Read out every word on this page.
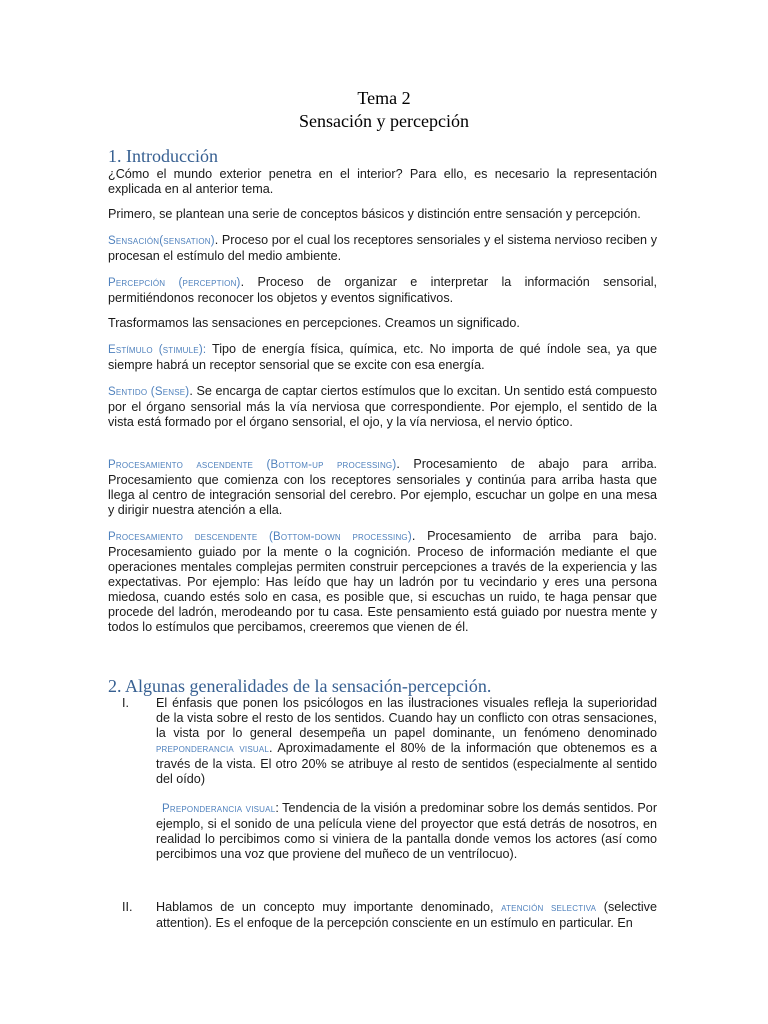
Tema 2
Sensación y percepción
1. Introducción
¿Cómo el mundo exterior penetra en el interior? Para ello, es necesario la representación explicada en al anterior tema.
Primero, se plantean una serie de conceptos básicos y distinción entre sensación y percepción.
Sensación(sensation). Proceso por el cual los receptores sensoriales y el sistema nervioso reciben y procesan el estímulo del medio ambiente.
Percepción (perception). Proceso de organizar e interpretar la información sensorial, permitiéndonos reconocer los objetos y eventos significativos.
Trasformamos las sensaciones en percepciones. Creamos un significado.
Estímulo (stimule): Tipo de energía física, química, etc. No importa de qué índole sea, ya que siempre habrá un receptor sensorial que se excite con esa energía.
Sentido (Sense). Se encarga de captar ciertos estímulos que lo excitan. Un sentido está compuesto por el órgano sensorial más la vía nerviosa que correspondiente. Por ejemplo, el sentido de la vista está formado por el órgano sensorial, el ojo, y la vía nerviosa, el nervio óptico.
Procesamiento ascendente (Bottom-up processing). Procesamiento de abajo para arriba. Procesamiento que comienza con los receptores sensoriales y continúa para arriba hasta que llega al centro de integración sensorial del cerebro. Por ejemplo, escuchar un golpe en una mesa y dirigir nuestra atención a ella.
Procesamiento descendente (Bottom-down processing). Procesamiento de arriba para bajo. Procesamiento guiado por la mente o la cognición. Proceso de información mediante el que operaciones mentales complejas permiten construir percepciones a través de la experiencia y las expectativas. Por ejemplo: Has leído que hay un ladrón por tu vecindario y eres una persona miedosa, cuando estés solo en casa, es posible que, si escuchas un ruido, te haga pensar que procede del ladrón, merodeando por tu casa. Este pensamiento está guiado por nuestra mente y todos lo estímulos que percibamos, creeremos que vienen de él.
2. Algunas generalidades de la sensación-percepción.
I. El énfasis que ponen los psicólogos en las ilustraciones visuales refleja la superioridad de la vista sobre el resto de los sentidos. Cuando hay un conflicto con otras sensaciones, la vista por lo general desempeña un papel dominante, un fenómeno denominado preponderancia visual. Aproximadamente el 80% de la información que obtenemos es a través de la vista. El otro 20% se atribuye al resto de sentidos (especialmente al sentido del oído)
Preponderancia visual: Tendencia de la visión a predominar sobre los demás sentidos. Por ejemplo, si el sonido de una película viene del proyector que está detrás de nosotros, en realidad lo percibimos como si viniera de la pantalla donde vemos los actores (así como percibimos una voz que proviene del muñeco de un ventrílocuo).
II. Hablamos de un concepto muy importante denominado, atención selectiva (selective attention). Es el enfoque de la percepción consciente en un estímulo en particular. En
